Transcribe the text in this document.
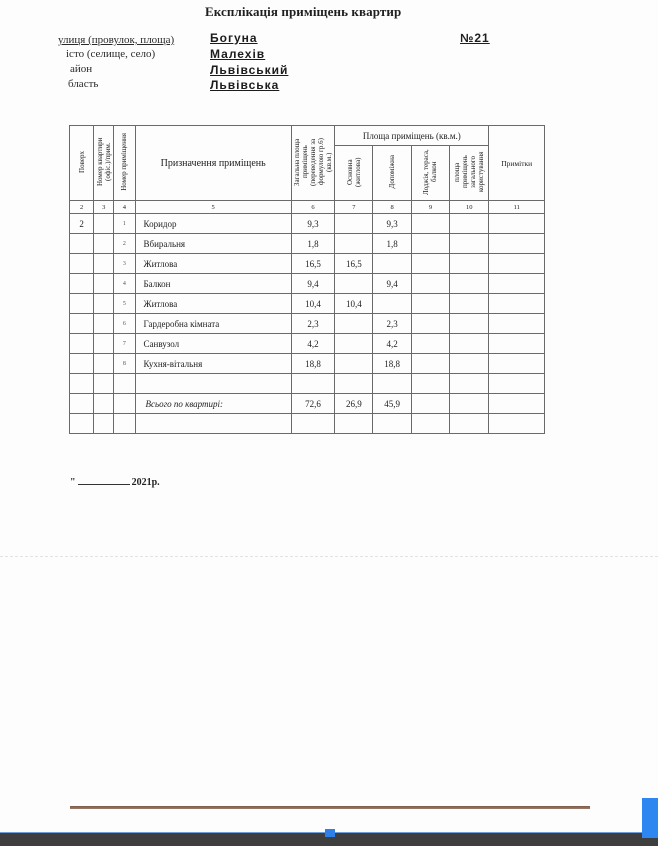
Експлікація приміщень квартир
улиця (провулок, площа)	Богуна	№21
істо (селище, село)	Малехів
айон	Львівський
бласть	Львівська
Поверх	Номер квартири (офіс.)/прим.	Номер приміщення	Призначення приміщень	Загальна площа приміщень (переведення за формулою гр.6) (кв.м.)	Площа приміщень (кв.м.)				Примітки
					Основна (житлова)	Допоміжна	Лоджія, тераса, балкон	площа приміщень загального користування	
2	3	4	5	6	7	8	9	10	11
2		1	Коридор	9,3		9,3			
		2	Вбиральня	1,8		1,8			
		3	Житлова	16,5	16,5				
		4	Балкон	9,4		9,4			
		5	Житлова	10,4	10,4				
		6	Гардеробна кімната	2,3		2,3			
		7	Санвузол	4,2		4,2			
		8	Кухня-вітальня	18,8		18,8			

			Всього по квартирі:	72,6	26,9	45,9			

"	2021р.
